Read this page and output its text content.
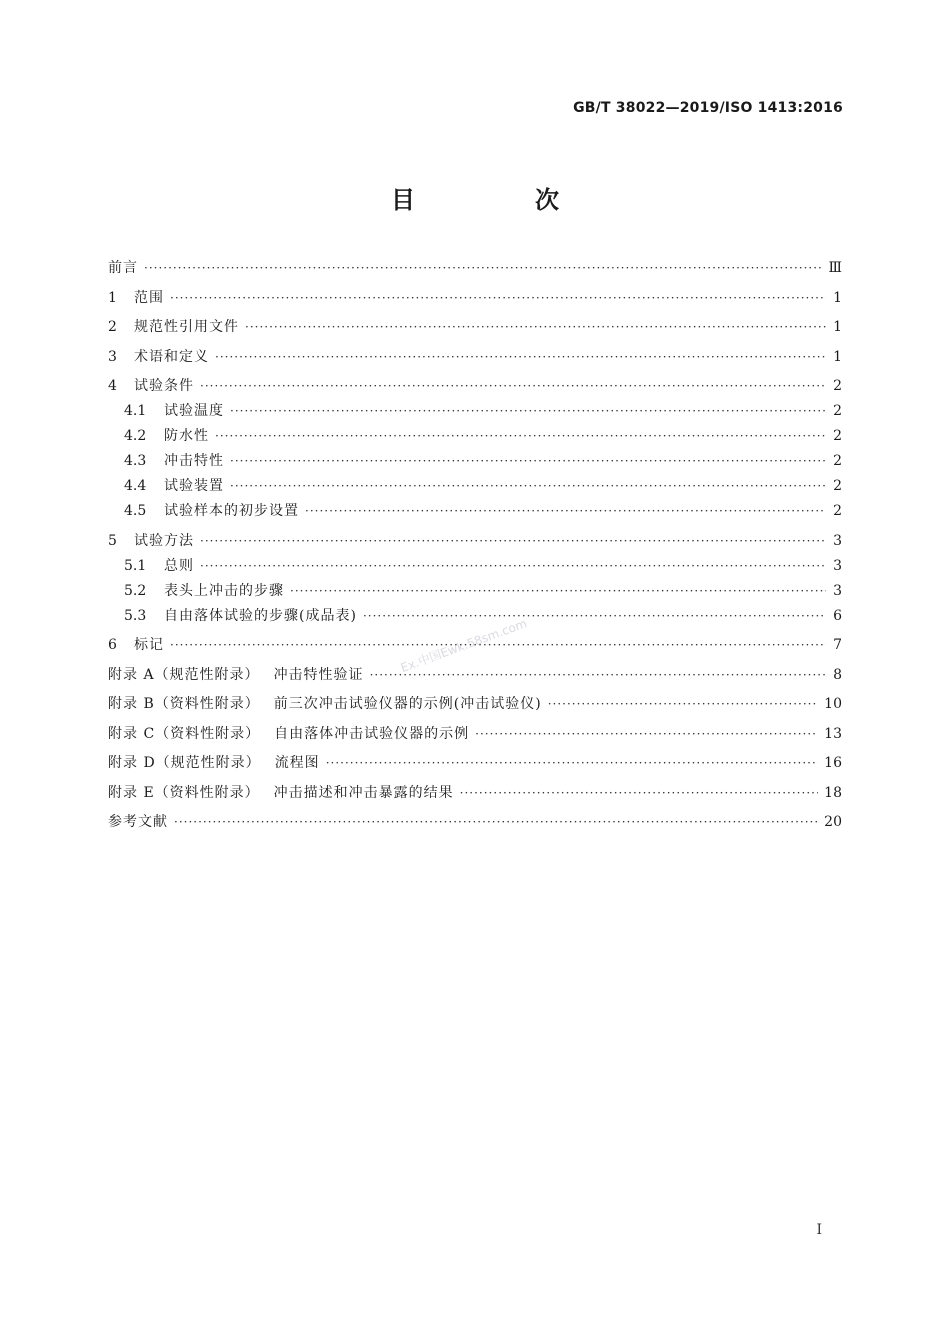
GB/T 38022—2019/ISO 1413:2016
目　次
前言 ·····	Ⅲ
1	范围 ·····	1
2	规范性引用文件 ·····	1
3	术语和定义 ·····	1
4	试验条件 ·····	2
4.1	试验温度 ·····	2
4.2	防水性 ·····	2
4.3	冲击特性 ·····	2
4.4	试验装置 ·····	2
4.5	试验样本的初步设置 ·····	2
5	试验方法 ·····	3
5.1	总则 ·····	3
5.2	表头上冲击的步骤 ·····	3
5.3	自由落体试验的步骤(成品表) ·····	6
6	标记 ·····	7
附录 A（规范性附录） 冲击特性验证 ·····	8
附录 B（资料性附录） 前三次冲击试验仪器的示例(冲击试验仪) ·····	10
附录 C（资料性附录） 自由落体冲击试验仪器的示例 ·····	13
附录 D（规范性附录） 流程图 ·····	16
附录 E（资料性附录） 冲击描述和冲击暴露的结果 ·····	18
参考文献 ·····	20
Ex.中国Ewk.58sm.com
I
